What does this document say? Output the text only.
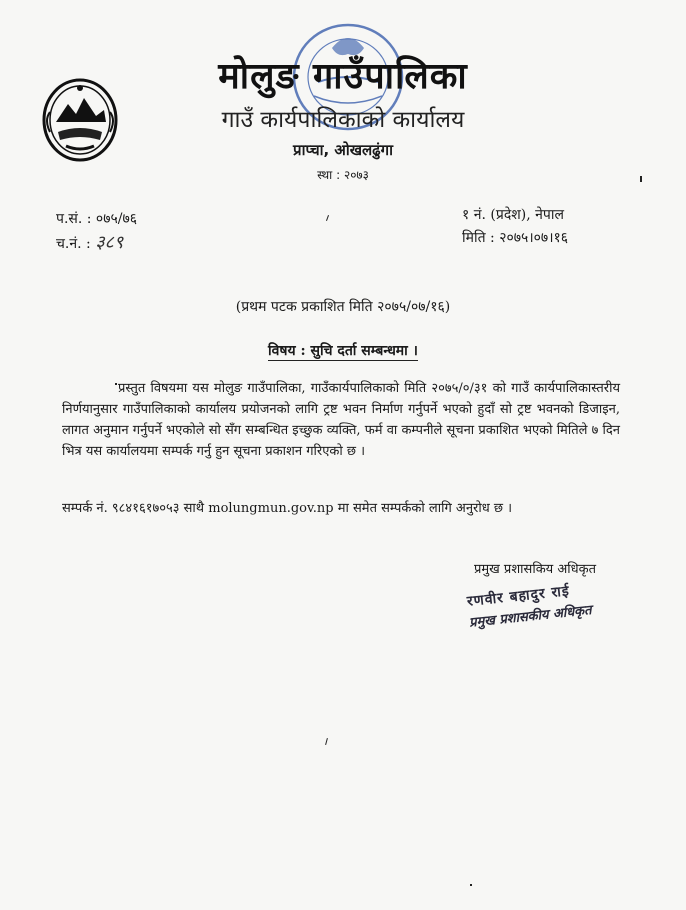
मोलुङ गाउँपालिका
गाउँ कार्यपालिकाको कार्यालय
प्राप्चा, ओखलढुंगा
स्था : २०७३
प.सं. : ०७५/७६
च.नं. : ३८९
१ नं. (प्रदेश), नेपाल
मिति : २०७५।०७।१६
(प्रथम पटक प्रकाशित मिति २०७५/०७/१६)
विषय : सुचि दर्ता सम्बन्धमा ।
प्रस्तुत विषयमा यस मोलुङ गाउँपालिका, गाउँकार्यपालिकाको मिति २०७५/०/३१ को गाउँ कार्यपालिकास्तरीय निर्णयानुसार गाउँपालिकाको कार्यालय प्रयोजनको लागि ट्रष्ट भवन निर्माण गर्नुपर्ने भएको हुदाँ सो ट्रष्ट भवनको डिजाइन, लागत अनुमान गर्नुपर्ने भएकोले सो सँग सम्बन्धित इच्छुक व्यक्ति, फर्म वा कम्पनीले सूचना प्रकाशित भएको मितिले ७ दिन भित्र यस कार्यालयमा सम्पर्क गर्नु हुन सूचना प्रकाशन गरिएको छ ।
सम्पर्क नं. ९८४१६१७०५३ साथै molungmun.gov.np मा समेत सम्पर्कको लागि अनुरोध छ ।
प्रमुख प्रशासकिय अधिकृत
रणवीर बहादुर राई
प्रमुख प्रशासकीय अधिकृत
